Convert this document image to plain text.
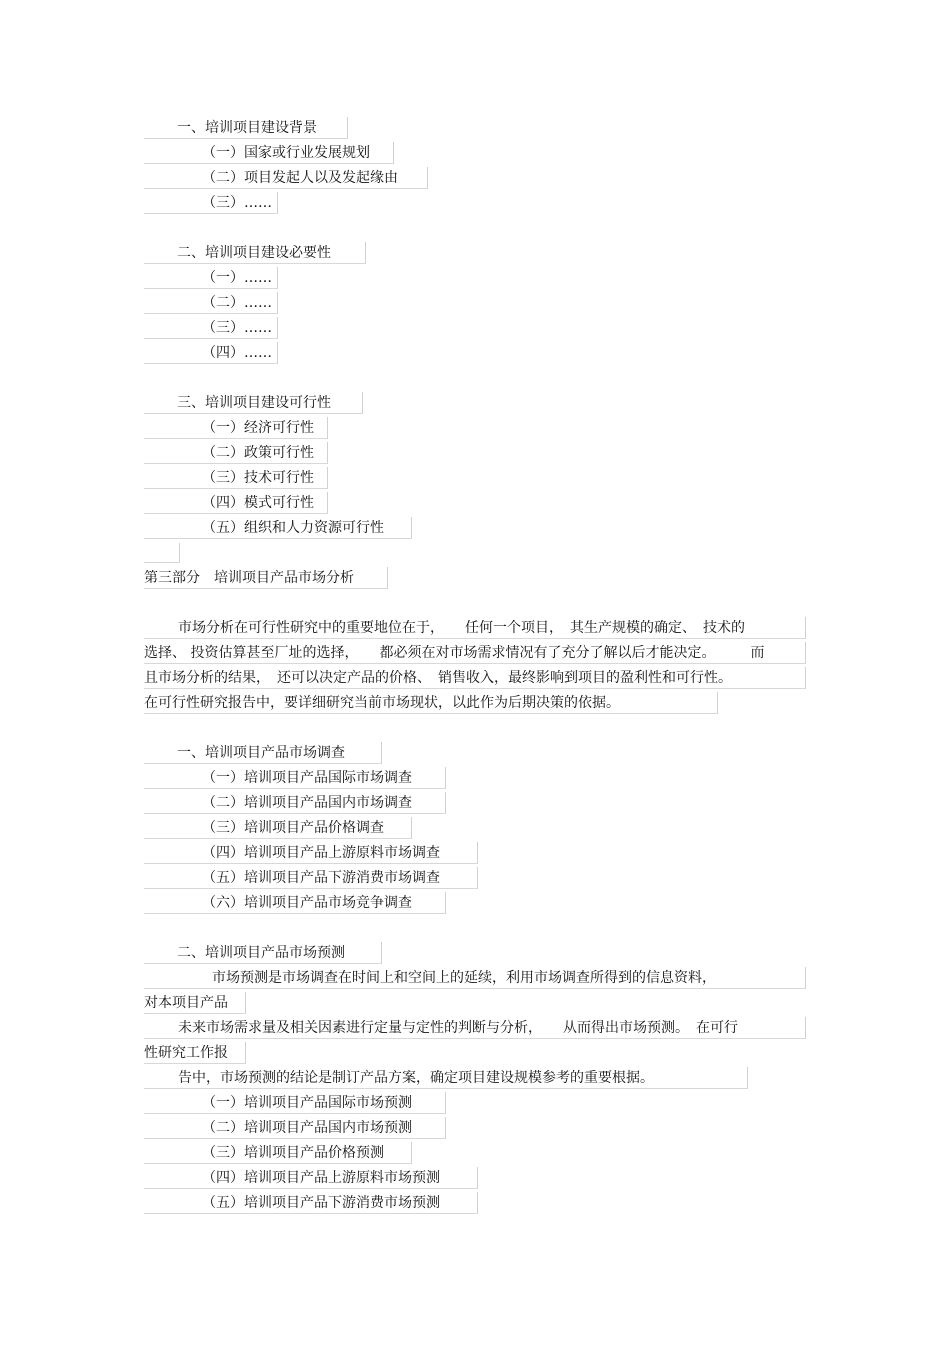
一、培训项目建设背景
（一）国家或行业发展规划
（二）项目发起人以及发起缘由
（三）……
二、培训项目建设必要性
（一）……
（二）……
（三）……
（四）……
三、培训项目建设可行性
（一）经济可行性
（二）政策可行性
（三）技术可行性
（四）模式可行性
（五）组织和人力资源可行性
第三部分　培训项目产品市场分析
市场分析在可行性研究中的重要地位在于，　　任何一个项目，　其生产规模的确定、　技术的
选择、 投资估算甚至厂址的选择，　　都必须在对市场需求情况有了充分了解以后才能决定。　　　而
且市场分析的结果，　还可以决定产品的价格、　销售收入，最终影响到项目的盈利性和可行性。
在可行性研究报告中，要详细研究当前市场现状，以此作为后期决策的依据。
一、培训项目产品市场调查
（一）培训项目产品国际市场调查
（二）培训项目产品国内市场调查
（三）培训项目产品价格调查
（四）培训项目产品上游原料市场调查
（五）培训项目产品下游消费市场调查
（六）培训项目产品市场竞争调查
二、培训项目产品市场预测
市场预测是市场调查在时间上和空间上的延续，利用市场调查所得到的信息资料，
对本项目产品
未来市场需求量及相关因素进行定量与定性的判断与分析，　　从而得出市场预测。　在可行
性研究工作报
告中，市场预测的结论是制订产品方案，确定项目建设规模参考的重要根据。
（一）培训项目产品国际市场预测
（二）培训项目产品国内市场预测
（三）培训项目产品价格预测
（四）培训项目产品上游原料市场预测
（五）培训项目产品下游消费市场预测
